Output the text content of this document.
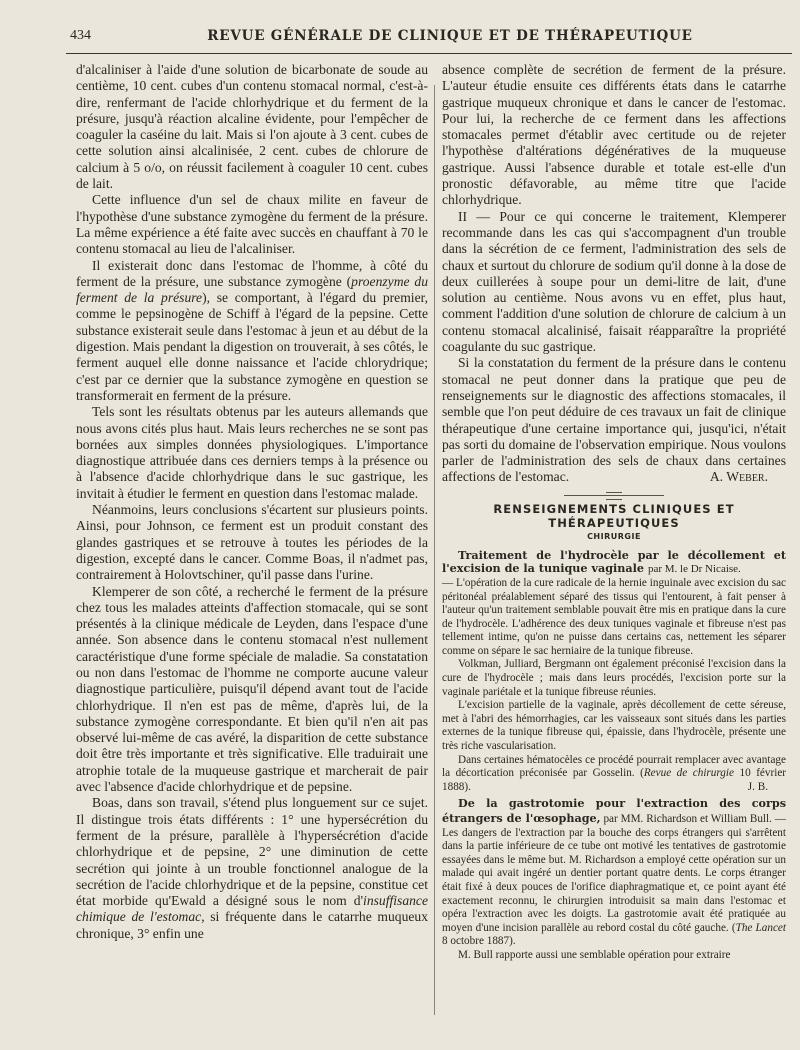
434	REVUE GÉNÉRALE DE CLINIQUE ET DE THÉRAPEUTIQUE

d'alcaliniser à l'aide d'une solution de bicarbonate de soude au centième, 10 cent. cubes d'un contenu stomacal normal, c'est-à-dire, renfermant de l'acide chlorhydrique et du ferment de la présure, jusqu'à réaction alcaline évidente, pour l'empêcher de coaguler la caséine du lait. Mais si l'on ajoute à 3 cent. cubes de cette solution ainsi alcalinisée, 2 cent. cubes de chlorure de calcium à 5 o/o, on réussit facilement à coaguler 10 cent. cubes de lait.

Cette influence d'un sel de chaux milite en faveur de l'hypothèse d'une substance zymogène du ferment de la présure. La même expérience a été faite avec succès en chauffant à 70 le contenu stomacal au lieu de l'alcaliniser.

Il existerait donc dans l'estomac de l'homme, à côté du ferment de la présure, une substance zymogène (proenzyme du ferment de la présure), se comportant, à l'égard du premier, comme le pepsinogène de Schiff à l'égard de la pepsine. Cette substance existerait seule dans l'estomac à jeun et au début de la digestion. Mais pendant la digestion on trouverait, à ses côtés, le ferment auquel elle donne naissance et l'acide chlorydrique; c'est par ce dernier que la substance zymogène en question se transformerait en ferment de la présure.

Tels sont les résultats obtenus par les auteurs allemands que nous avons cités plus haut. Mais leurs recherches ne se sont pas bornées aux simples données physiologiques. L'importance diagnostique attribuée dans ces derniers temps à la présence ou à l'absence d'acide chlorhydrique dans le suc gastrique, les invitait à étudier le ferment en question dans l'estomac malade.

Néanmoins, leurs conclusions s'écartent sur plusieurs points. Ainsi, pour Johnson, ce ferment est un produit constant des glandes gastriques et se retrouve à toutes les périodes de la digestion, excepté dans le cancer. Comme Boas, il n'admet pas, contrairement à Holovtschiner, qu'il passe dans l'urine.

Klemperer de son côté, a recherché le ferment de la présure chez tous les malades atteints d'affection stomacale, qui se sont présentés à la clinique médicale de Leyden, dans l'espace d'une année. Son absence dans le contenu stomacal n'est nullement caractéristique d'une forme spéciale de maladie. Sa constatation ou non dans l'estomac de l'homme ne comporte aucune valeur diagnostique particulière, puisqu'il dépend avant tout de l'acide chlorhydrique. Il n'en est pas de même, d'après lui, de la substance zymogène correspondante. Et bien qu'il n'en ait pas observé lui-même de cas avéré, la disparition de cette substance doit être très importante et très significative. Elle traduirait une atrophie totale de la muqueuse gastrique et marcherait de pair avec l'absence d'acide chlorhydrique et de pepsine.

Boas, dans son travail, s'étend plus longuement sur ce sujet. Il distingue trois états différents : 1° une hypersécrétion du ferment de la présure, parallèle à l'hypersécrétion d'acide chlorhydrique et de pepsine, 2° une diminution de cette secrétion qui jointe à un trouble fonctionnel analogue de la secrétion de l'acide chlorhydrique et de la pepsine, constitue cet état morbide qu'Ewald a désigné sous le nom d'insuffisance chimique de l'estomac, si fréquente dans le catarrhe muqueux chronique, 3° enfin une

absence complète de secrétion de ferment de la présure. L'auteur étudie ensuite ces différents états dans le catarrhe gastrique muqueux chronique et dans le cancer de l'estomac. Pour lui, la recherche de ce ferment dans les affections stomacales permet d'établir avec certitude ou de rejeter l'hypothèse d'altérations dégénératives de la muqueuse gastrique. Aussi l'absence durable et totale est-elle d'un pronostic défavorable, au même titre que l'acide chlorhydrique.

II — Pour ce qui concerne le traitement, Klemperer recommande dans les cas qui s'accompagnent d'un trouble dans la sécrétion de ce ferment, l'administration des sels de chaux et surtout du chlorure de sodium qu'il donne à la dose de deux cuillerées à soupe pour un demi-litre de lait, d'une solution au centième. Nous avons vu en effet, plus haut, comment l'addition d'une solution de chlorure de calcium à un contenu stomacal alcalinisé, faisait réapparaître la propriété coagulante du suc gastrique.

Si la constatation du ferment de la présure dans le contenu stomacal ne peut donner dans la pratique que peu de renseignements sur le diagnostic des affections stomacales, il semble que l'on peut déduire de ces travaux un fait de clinique thérapeutique d'une certaine importance qui, jusqu'ici, n'était pas sorti du domaine de l'observation empirique. Nous voulons parler de l'administration des sels de chaux dans certaines affections de l'estomac.	A. Weber.

RENSEIGNEMENTS CLINIQUES ET THÉRAPEUTIQUES
CHIRURGIE

Traitement de l'hydrocèle par le décollement et l'excision de la tunique vaginale par M. le Dr Nicaise.

— L'opération de la cure radicale de la hernie inguinale avec excision du sac péritonéal préalablement séparé des tissus qui l'entourent, à fait penser à l'auteur qu'un traitement semblable pouvait être mis en pratique dans la cure de l'hydrocèle. L'adhérence des deux tuniques vaginale et fibreuse n'est pas tellement intime, qu'on ne puisse dans certains cas, nettement les séparer comme on sépare le sac herniaire de la tunique fibreuse.

Volkman, Julliard, Bergmann ont également préconisé l'excision dans la cure de l'hydrocèle ; mais dans leurs procédés, l'excision porte sur la vaginale pariétale et la tunique fibreuse réunies.

L'excision partielle de la vaginale, après décollement de cette séreuse, met à l'abri des hémorrhagies, car les vaisseaux sont situés dans les parties externes de la tunique fibreuse qui, épaissie, dans l'hydrocèle, présente une très riche vascularisation.

Dans certaines hématocèles ce procédé pourrait remplacer avec avantage la décortication préconisée par Gosselin. (Revue de chirurgie 10 février 1888).	J. B.

De la gastrotomie pour l'extraction des corps étrangers de l'œsophage, par MM. Richardson et William Bull. — Les dangers de l'extraction par la bouche des corps étrangers qui s'arrêtent dans la partie inférieure de ce tube ont motivé les tentatives de gastrotomie essayées dans le même but. M. Richardson a employé cette opération sur un malade qui avait ingéré un dentier portant quatre dents. Le corps étranger était fixé à deux pouces de l'orifice diaphragmatique et, ce point ayant été exactement reconnu, le chirurgien introduisit sa main dans l'estomac et opéra l'extraction avec les doigts. La gastrotomie avait été pratiquée au moyen d'une incision parallèle au rebord costal du côté gauche. (The Lancet 8 octobre 1887).

M. Bull rapporte aussi une semblable opération pour extraire
